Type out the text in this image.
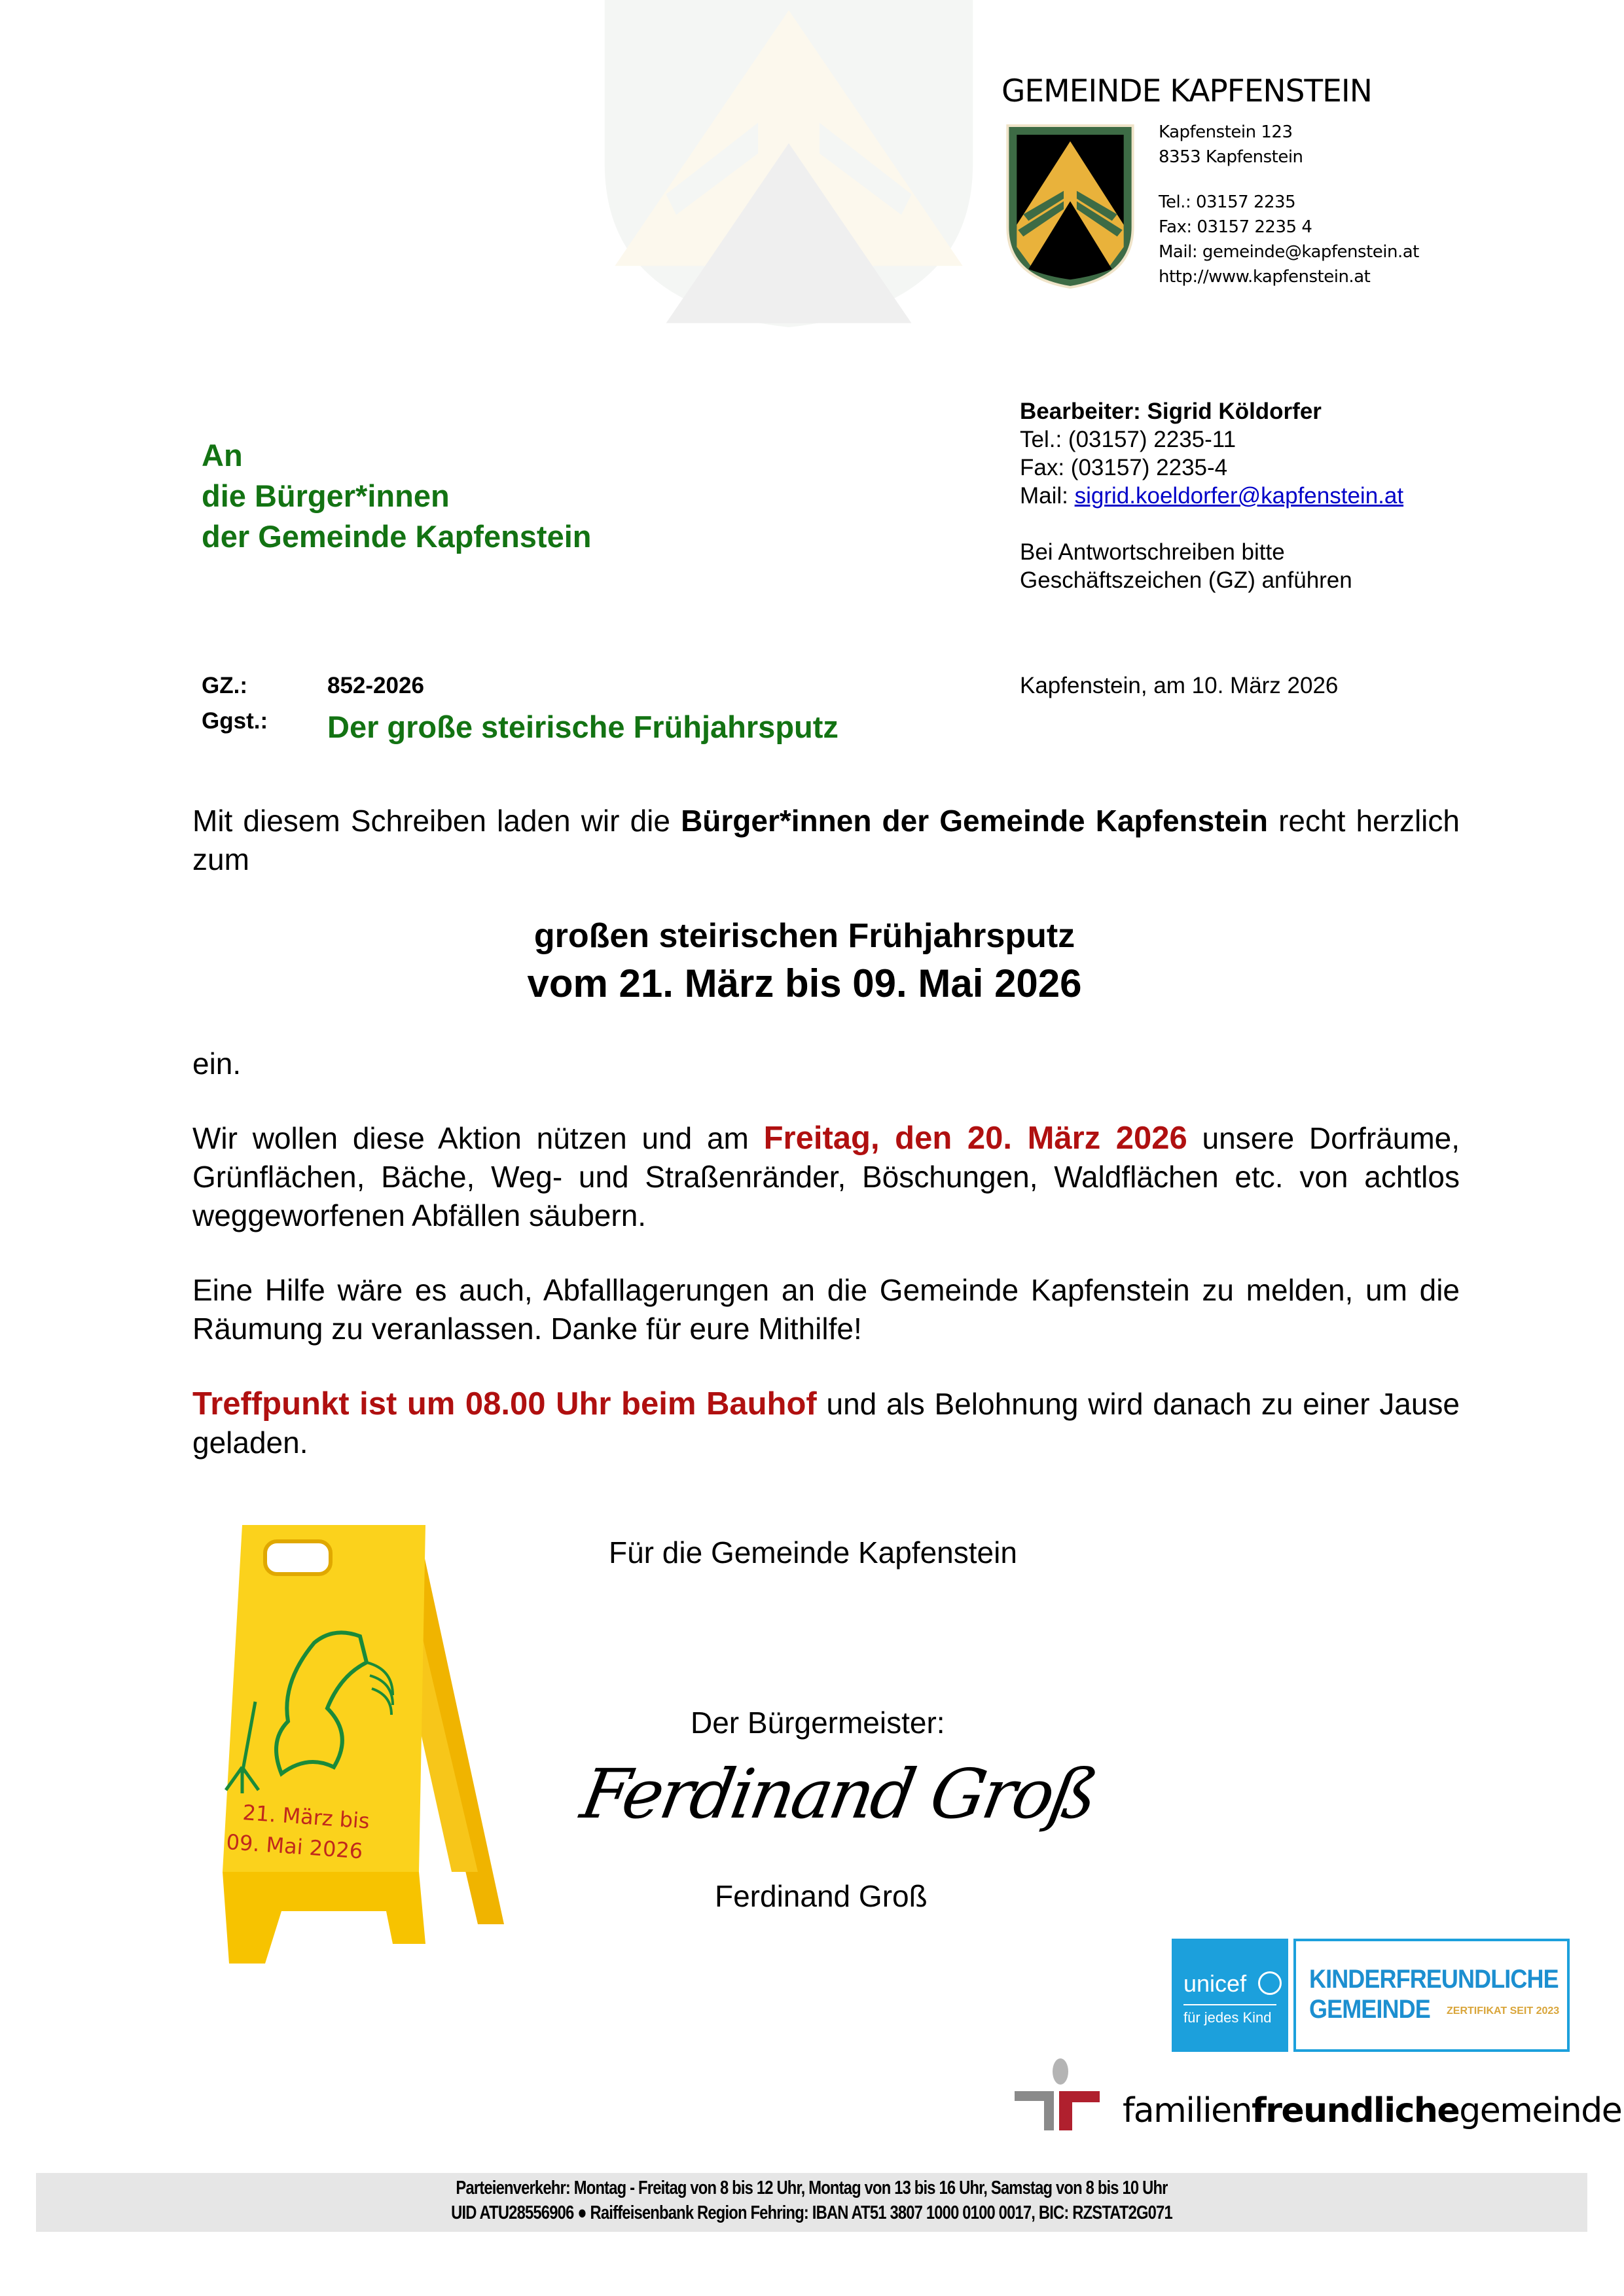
GEMEINDE KAPFENSTEIN
Kapfenstein 123
8353 Kapfenstein
Tel.: 03157 2235
Fax: 03157 2235 4
Mail: gemeinde@kapfenstein.at
http://www.kapfenstein.at
An
die Bürger*innen
der Gemeinde Kapfenstein
Bearbeiter: Sigrid Köldorfer
Tel.: (03157) 2235-11
Fax: (03157) 2235-4
Mail: sigrid.koeldorfer@kapfenstein.at
Bei Antwortschreiben bitte
Geschäftszeichen (GZ) anführen
GZ.:	852-2026	Kapfenstein, am 10. März 2026
Ggst.: Der große steirische Frühjahrsputz
Mit diesem Schreiben laden wir die Bürger*innen der Gemeinde Kapfenstein recht herzlich zum
großen steirischen Frühjahrsputz
vom 21. März bis 09. Mai 2026
ein.
Wir wollen diese Aktion nützen und am Freitag, den 20. März 2026 unsere Dorfräume, Grünflächen, Bäche, Weg- und Straßenränder, Böschungen, Waldflächen etc. von achtlos weggeworfenen Abfällen säubern.
Eine Hilfe wäre es auch, Abfalllagerungen an die Gemeinde Kapfenstein zu melden, um die Räumung zu veranlassen. Danke für eure Mithilfe!
Treffpunkt ist um 08.00 Uhr beim Bauhof und als Belohnung wird danach zu einer Jause geladen.
21. März bis
09. Mai 2026
Für die Gemeinde Kapfenstein
Der Bürgermeister:
Ferdinand Groß
Ferdinand Groß
unicef
für jedes Kind
KINDERFREUNDLICHE
GEMEINDE ZERTIFIKAT SEIT 2023
familienfreundlichegemeinde
Parteienverkehr: Montag - Freitag von 8 bis 12 Uhr, Montag von 13 bis 16 Uhr, Samstag von 8 bis 10 Uhr
UID ATU28556906 ● Raiffeisenbank Region Fehring: IBAN AT51 3807 1000 0100 0017, BIC: RZSTAT2G071
